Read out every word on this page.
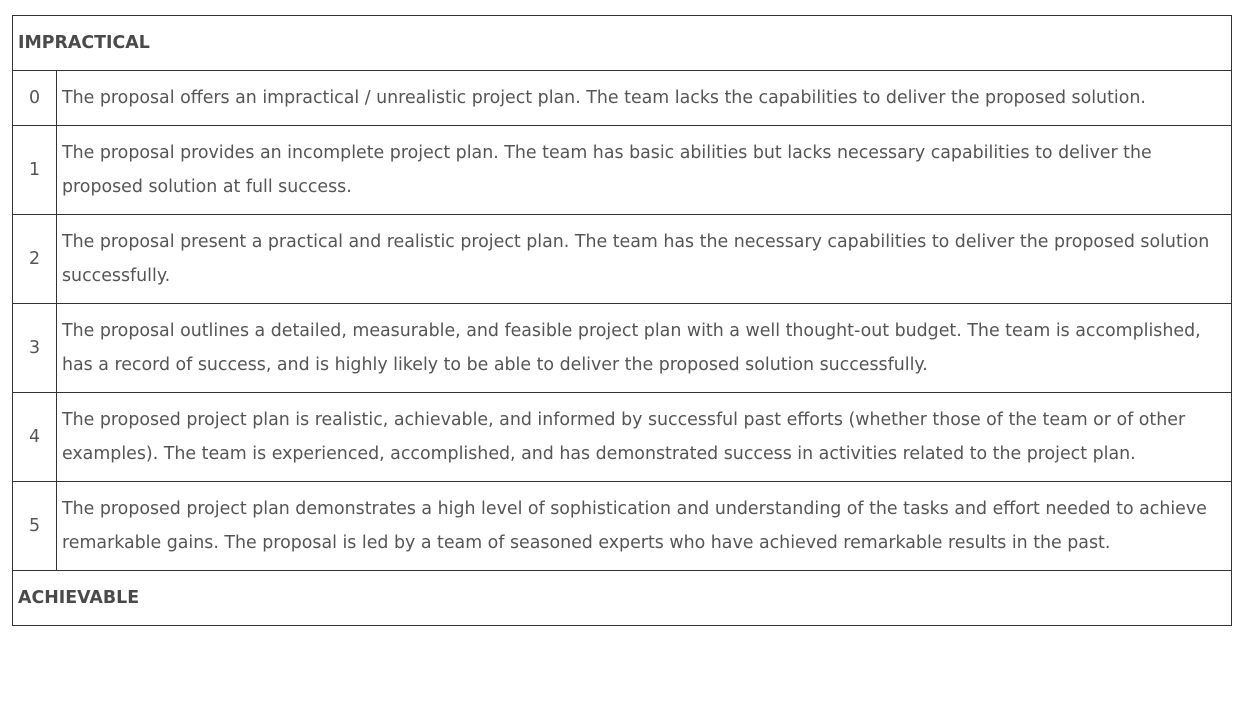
IMPRACTICAL	
0	The proposal offers an impractical / unrealistic project plan. The team lacks the capabilities to deliver the proposed solution.
1	The proposal provides an incomplete project plan. The team has basic abilities but lacks necessary capabilities to deliver the proposed solution at full success.
2	The proposal present a practical and realistic project plan. The team has the necessary capabilities to deliver the proposed solution successfully.
3	The proposal outlines a detailed, measurable, and feasible project plan with a well thought-out budget. The team is accomplished, has a record of success, and is highly likely to be able to deliver the proposed solution successfully.
4	The proposed project plan is realistic, achievable, and informed by successful past efforts (whether those of the team or of other examples). The team is experienced, accomplished, and has demonstrated success in activities related to the project plan.
5	The proposed project plan demonstrates a high level of sophistication and understanding of the tasks and effort needed to achieve remarkable gains. The proposal is led by a team of seasoned experts who have achieved remarkable results in the past.
ACHIEVABLE	
